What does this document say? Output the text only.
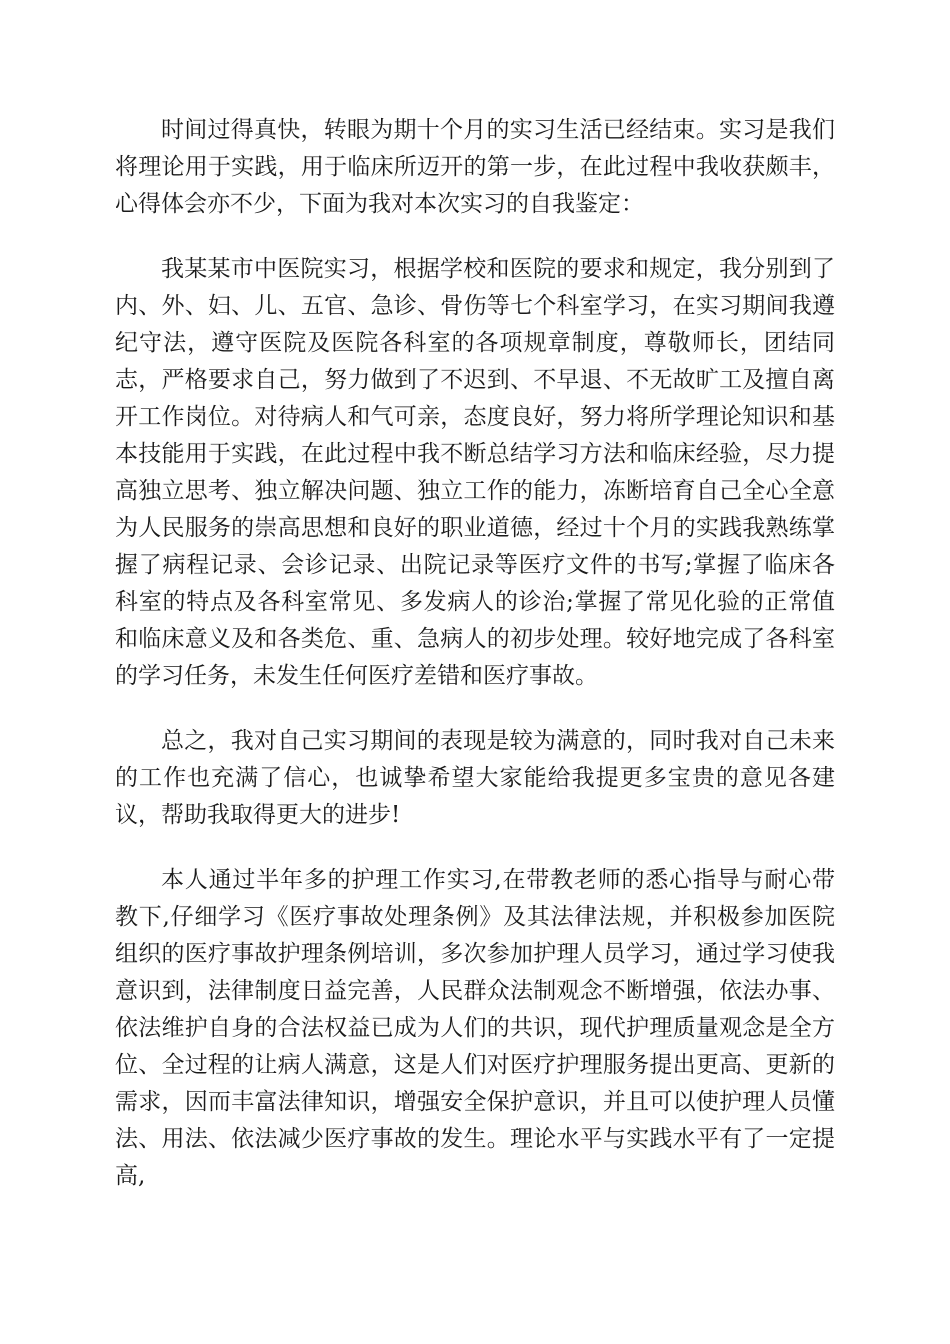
时间过得真快，转眼为期十个月的实习生活已经结束。实习是我们将理论用于实践，用于临床所迈开的第一步，在此过程中我收获颇丰，心得体会亦不少，下面为我对本次实习的自我鉴定：

我某某市中医院实习，根据学校和医院的要求和规定，我分别到了内、外、妇、儿、五官、急诊、骨伤等七个科室学习，在实习期间我遵纪守法，遵守医院及医院各科室的各项规章制度，尊敬师长，团结同志，严格要求自己，努力做到了不迟到、不早退、不无故旷工及擅自离开工作岗位。对待病人和气可亲，态度良好，努力将所学理论知识和基本技能用于实践，在此过程中我不断总结学习方法和临床经验，尽力提高独立思考、独立解决问题、独立工作的能力，冻断培育自己全心全意为人民服务的崇高思想和良好的职业道德，经过十个月的实践我熟练掌握了病程记录、会诊记录、出院记录等医疗文件的书写;掌握了临床各科室的特点及各科室常见、多发病人的诊治;掌握了常见化验的正常值和临床意义及和各类危、重、急病人的初步处理。较好地完成了各科室的学习任务，未发生任何医疗差错和医疗事故。

总之，我对自己实习期间的表现是较为满意的，同时我对自己未来的工作也充满了信心，也诚挚希望大家能给我提更多宝贵的意见各建议，帮助我取得更大的进步!

本人通过半年多的护理工作实习,在带教老师的悉心指导与耐心带教下,仔细学习《医疗事故处理条例》及其法律法规，并积极参加医院组织的医疗事故护理条例培训，多次参加护理人员学习，通过学习使我意识到，法律制度日益完善，人民群众法制观念不断增强，依法办事、依法维护自身的合法权益已成为人们的共识，现代护理质量观念是全方位、全过程的让病人满意，这是人们对医疗护理服务提出更高、更新的需求，因而丰富法律知识，增强安全保护意识，并且可以使护理人员懂法、用法、依法减少医疗事故的发生。理论水平与实践水平有了一定提高,
